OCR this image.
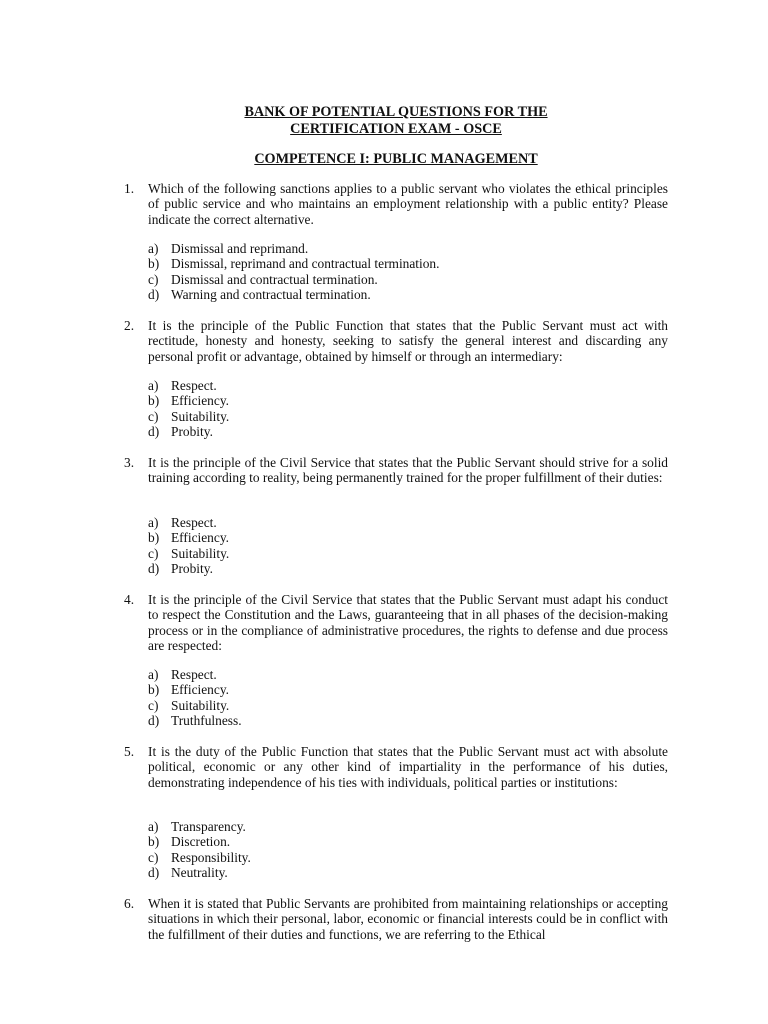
BANK OF POTENTIAL QUESTIONS FOR THE
CERTIFICATION EXAM - OSCE
COMPETENCE I: PUBLIC MANAGEMENT
1. Which of the following sanctions applies to a public servant who violates the ethical principles of public service and who maintains an employment relationship with a public entity? Please indicate the correct alternative.

a) Dismissal and reprimand.
b) Dismissal, reprimand and contractual termination.
c) Dismissal and contractual termination.
d) Warning and contractual termination.
2. It is the principle of the Public Function that states that the Public Servant must act with rectitude, honesty and honesty, seeking to satisfy the general interest and discarding any personal profit or advantage, obtained by himself or through an intermediary:

a) Respect.
b) Efficiency.
c) Suitability.
d) Probity.
3. It is the principle of the Civil Service that states that the Public Servant should strive for a solid training according to reality, being permanently trained for the proper fulfillment of their duties:

a) Respect.
b) Efficiency.
c) Suitability.
d) Probity.
4. It is the principle of the Civil Service that states that the Public Servant must adapt his conduct to respect the Constitution and the Laws, guaranteeing that in all phases of the decision-making process or in the compliance of administrative procedures, the rights to defense and due process are respected:

a) Respect.
b) Efficiency.
c) Suitability.
d) Truthfulness.
5. It is the duty of the Public Function that states that the Public Servant must act with absolute political, economic or any other kind of impartiality in the performance of his duties, demonstrating independence of his ties with individuals, political parties or institutions:

a) Transparency.
b) Discretion.
c) Responsibility.
d) Neutrality.
6. When it is stated that Public Servants are prohibited from maintaining relationships or accepting situations in which their personal, labor, economic or financial interests could be in conflict with the fulfillment of their duties and functions, we are referring to the Ethical
